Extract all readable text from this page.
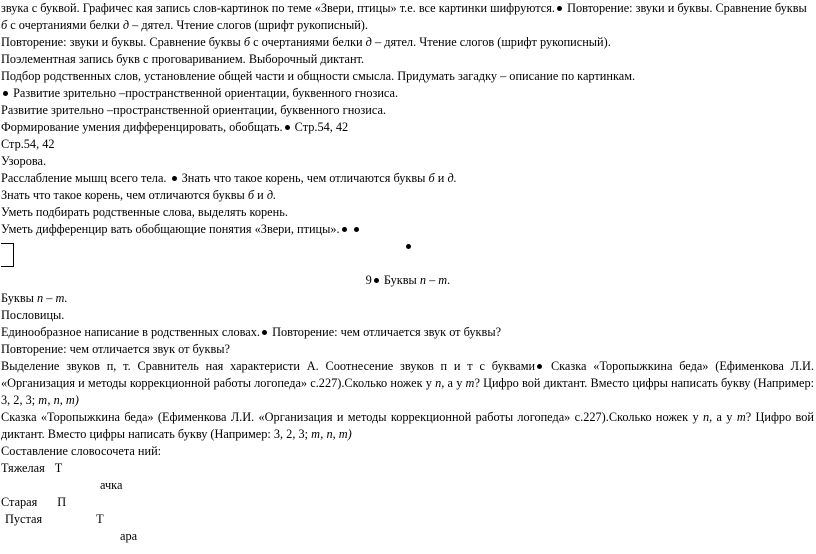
звука с буквой. Графичес кая запись слов-картинок по теме «Звери, птицы» т.е. все картинки шифруются. Повторение: звуки и буквы. Сравнение буквы
б с очертаниями белки д – дятел. Чтение слогов (шрифт рукописный).
Повторение: звуки и буквы. Сравнение буквы б с очертаниями белки д – дятел. Чтение слогов (шрифт рукописный).
Поэлементная запись букв с проговариванием. Выборочный диктант.
Подбор родственных слов, установление общей части и общности смысла. Придумать загадку – описание по картинкам.
Развитие зрительно –пространственной ориентации, буквенного гнозиса.
Развитие зрительно –пространственной ориентации, буквенного гнозиса.
Формирование умения дифференцировать, обобщать. Стр.54, 42
Стр.54, 42
Узорова.
Расслабление мышц всего тела. Знать что такое корень, чем отличаются буквы б и д.
Знать что такое корень, чем отличаются буквы б и д.
Уметь подбирать родственные слова, выделять корень.
Уметь дифференцир вать обобщающие понятия «Звери, птицы».
9 Буквы п – т.
Буквы п – т.
Пословицы.
Единообразное написание в родственных словах. Повторение: чем отличается звук от буквы?
Повторение: чем отличается звук от буквы?
Выделение звуков п, т. Сравнитель ная характеристи А. Соотнесение звуков п и т с буквами Сказка «Торопыжкина беда» (Ефименкова Л.И.
«Организация и методы коррекционной работы логопеда» с.227).Сколько ножек у п, а у т? Цифро вой диктант. Вместо цифры написать букву (Например:
3, 2, 3; т, п, т)
Сказка «Торопыжкина беда» (Ефименкова Л.И. «Организация и методы коррекционной работы логопеда» с.227).Сколько ножек у п, а у т? Цифро вой
диктант. Вместо цифры написать букву (Например: 3, 2, 3; т, п, т)
Составление словосочета ний:
Тяжелая Т
ачка
Старая П
Пустая	Т
ара
